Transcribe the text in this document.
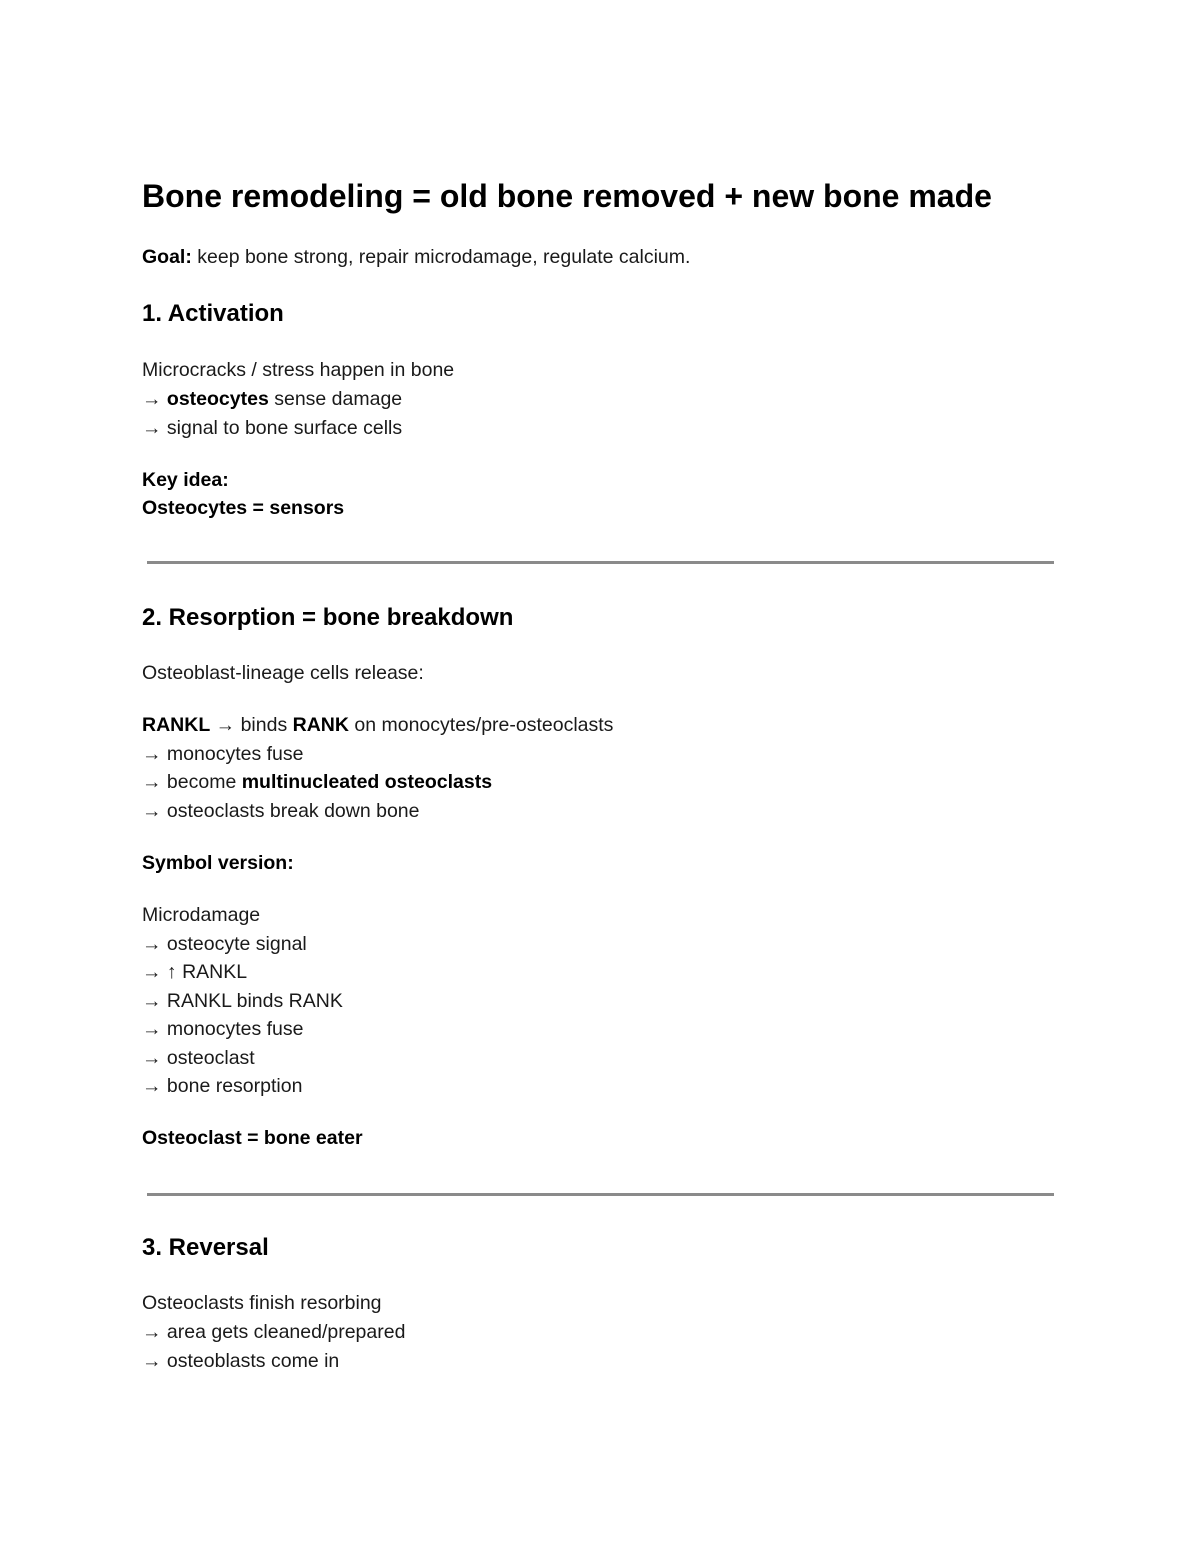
Bone remodeling = old bone removed + new bone made
Goal: keep bone strong, repair microdamage, regulate calcium.
1. Activation
Microcracks / stress happen in bone
→ osteocytes sense damage
→ signal to bone surface cells
Key idea:
Osteocytes = sensors
2. Resorption = bone breakdown
Osteoblast-lineage cells release:
RANKL → binds RANK on monocytes/pre-osteoclasts
→ monocytes fuse
→ become multinucleated osteoclasts
→ osteoclasts break down bone
Symbol version:
Microdamage
→ osteocyte signal
→ ↑ RANKL
→ RANKL binds RANK
→ monocytes fuse
→ osteoclast
→ bone resorption
Osteoclast = bone eater
3. Reversal
Osteoclasts finish resorbing
→ area gets cleaned/prepared
→ osteoblasts come in
